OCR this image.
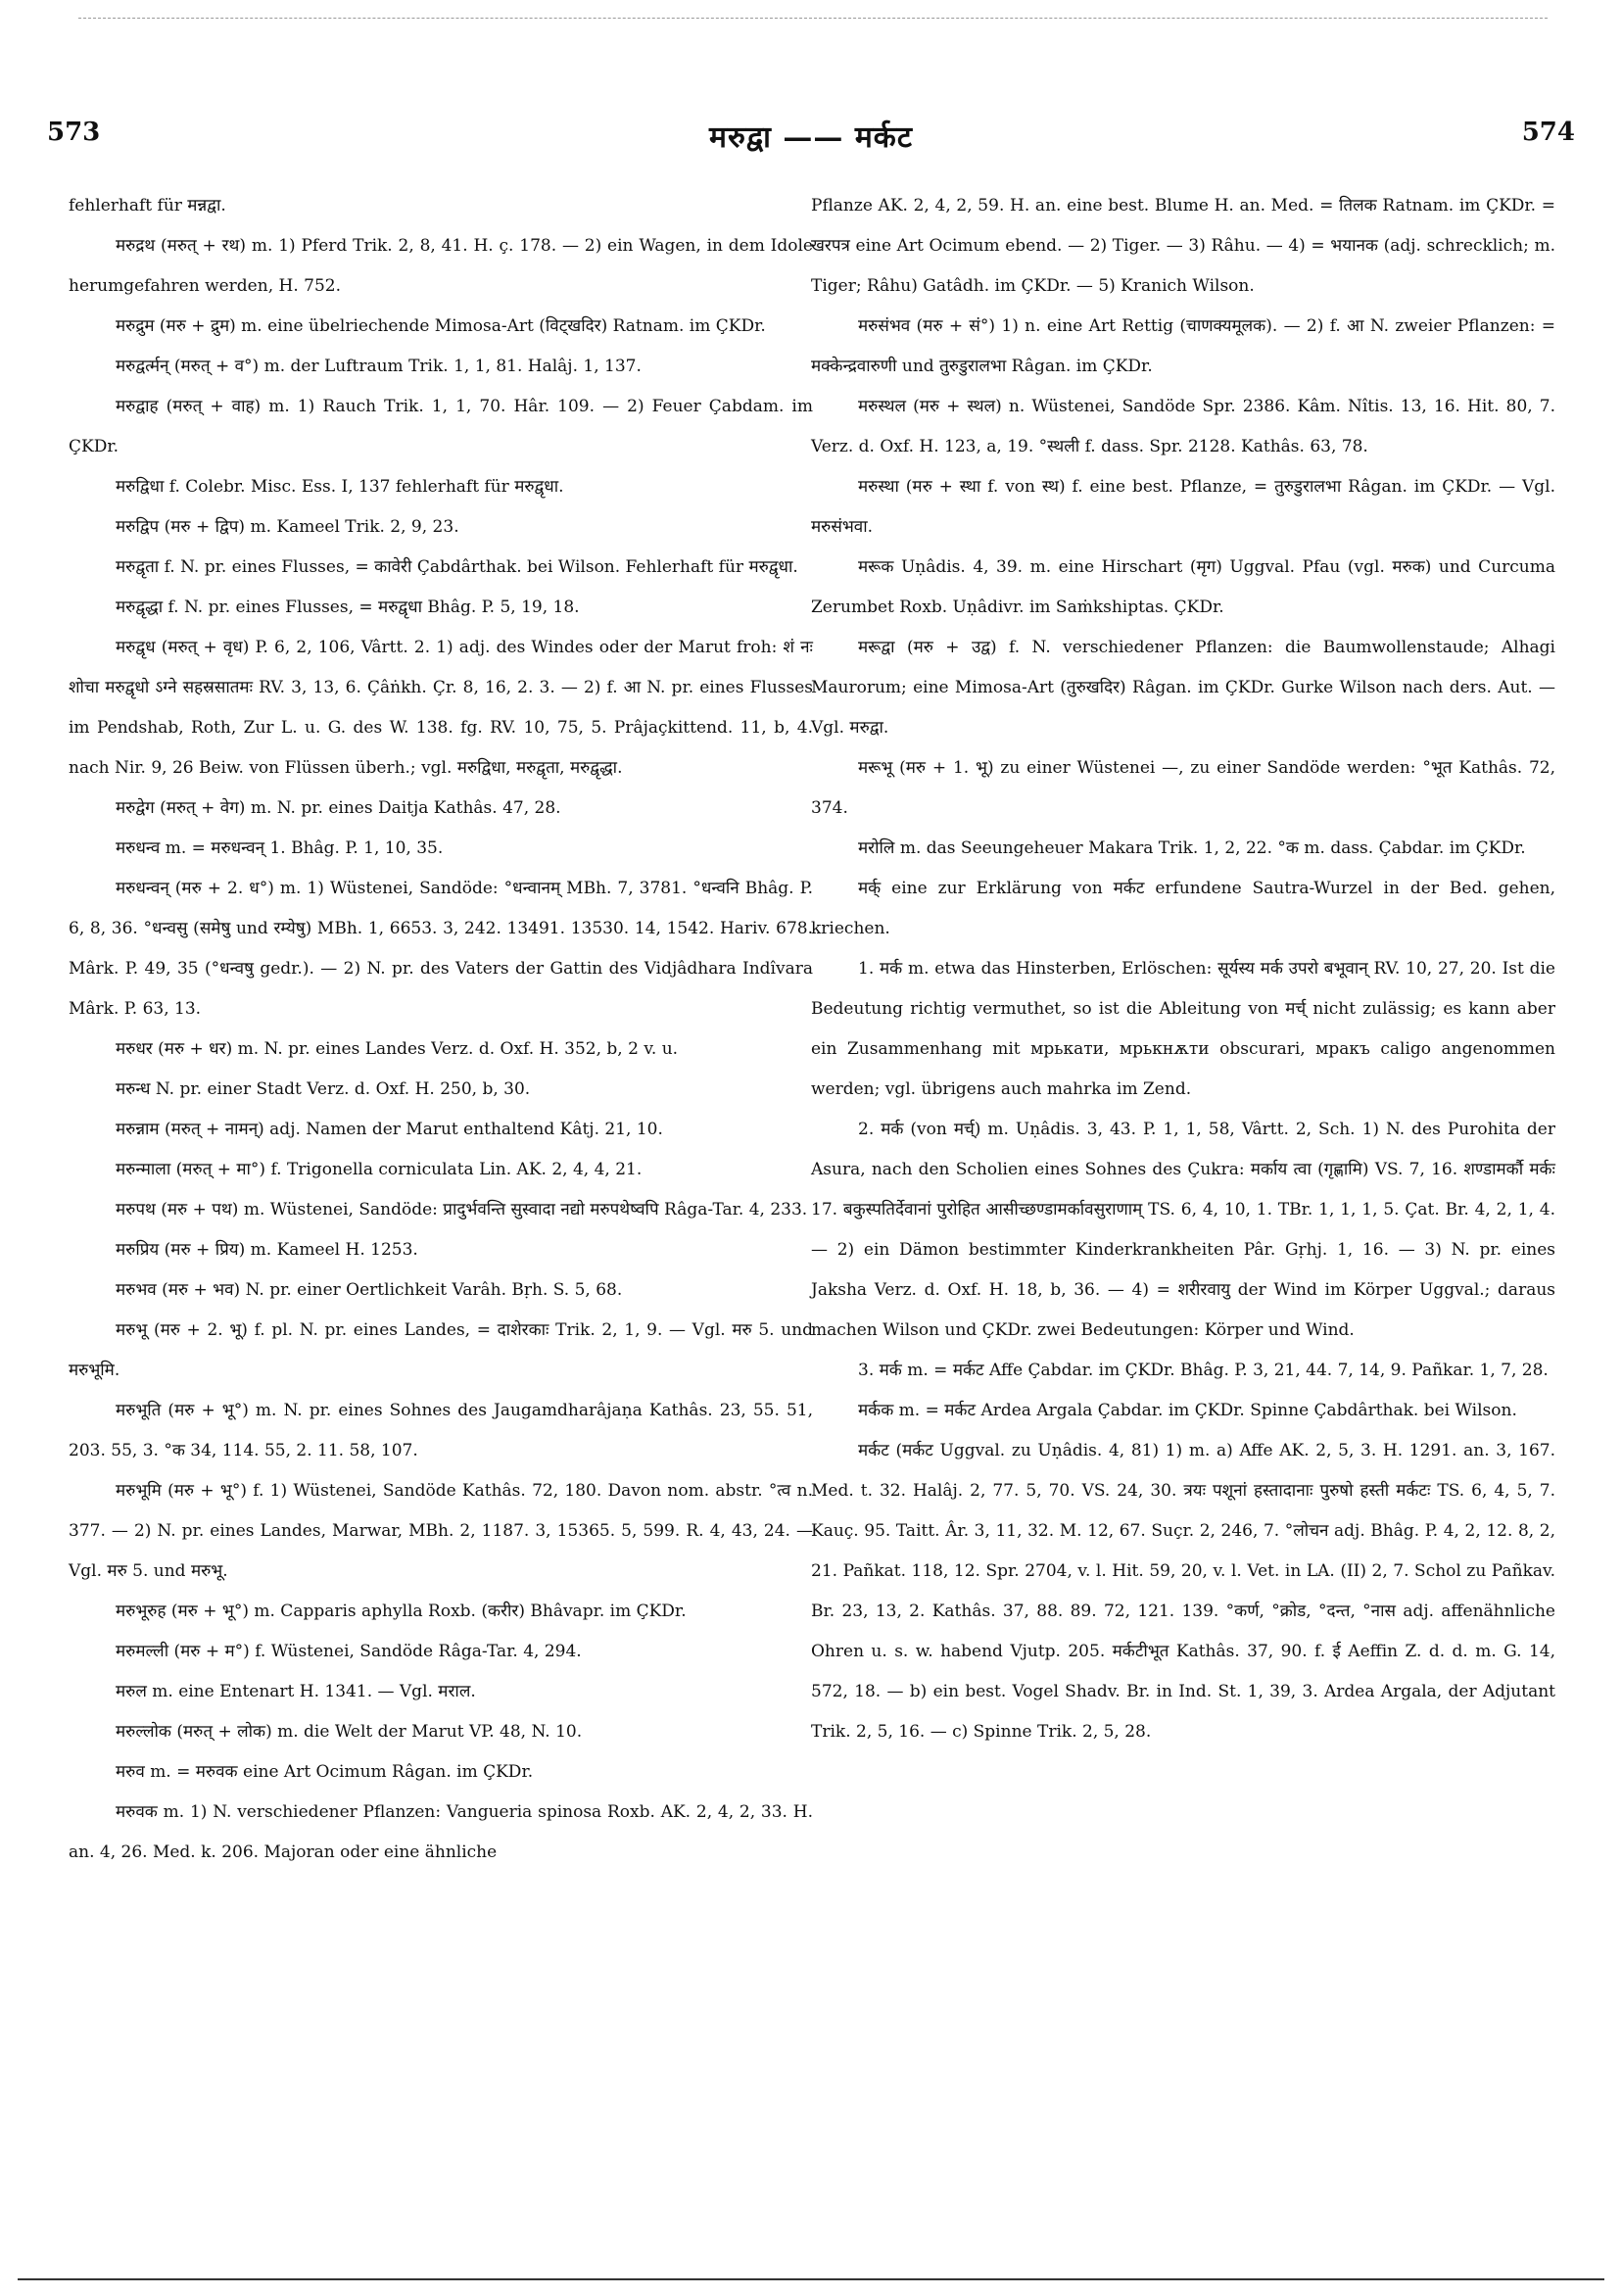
573	मरुद्वा —— मर्कट	574

fehlerhaft für मन्नद्वा.

मरुद्रथ (मरुत् + रथ) m. 1) Pferd Trik. 2, 8, 41. H. ç. 178. — 2) ein Wagen, in dem Idole herumgefahren werden, H. 752.

मरुद्रुम (मरु + द्रुम) m. eine übelriechende Mimosa-Art (विट्खदिर) Ratnam. im ÇKDr.

मरुद्वर्त्मन् (मरुत् + व°) m. der Luftraum Trik. 1, 1, 81. Halâj. 1, 137.

मरुद्वाह (मरुत् + वाह) m. 1) Rauch Trik. 1, 1, 70. Hâr. 109. — 2) Feuer Çabdam. im ÇKDr.

मरुद्विधा f. Colebr. Misc. Ess. I, 137 fehlerhaft für मरुद्वृधा.

मरुद्विप (मरु + द्विप) m. Kameel Trik. 2, 9, 23.

मरुद्वृता f. N. pr. eines Flusses, = कावेरी Çabdârthak. bei Wilson. Fehlerhaft für मरुद्वृधा.

मरुद्वृद्धा f. N. pr. eines Flusses, = मरुद्वृधा Bhâg. P. 5, 19, 18.

मरुद्वृध (मरुत् + वृध) P. 6, 2, 106, Vârtt. 2. 1) adj. des Windes oder der Marut froh: शं नः शोचा मरुद्वृधो ऽग्ने सहस्रसातमः RV. 3, 13, 6. Çâṅkh. Çr. 8, 16, 2. 3. — 2) f. आ N. pr. eines Flusses im Pendshab, Roth, Zur L. u. G. des W. 138. fg. RV. 10, 75, 5. Prâjaçkittend. 11, b, 4. nach Nir. 9, 26 Beiw. von Flüssen überh.; vgl. मरुद्विधा, मरुद्वृता, मरुद्वृद्धा.

मरुद्वेग (मरुत् + वेग) m. N. pr. eines Daitja Kathâs. 47, 28.

मरुधन्व m. = मरुधन्वन् 1. Bhâg. P. 1, 10, 35.

मरुधन्वन् (मरु + 2. ध°) m. 1) Wüstenei, Sandöde: °धन्वानम् MBh. 7, 3781. °धन्वनि Bhâg. P. 6, 8, 36. °धन्वसु (समेषु und रम्येषु) MBh. 1, 6653. 3, 242. 13491. 13530. 14, 1542. Hariv. 678. Mârk. P. 49, 35 (°धन्वषु gedr.). — 2) N. pr. des Vaters der Gattin des Vidjâdhara Indîvara Mârk. P. 63, 13.

मरुधर (मरु + धर) m. N. pr. eines Landes Verz. d. Oxf. H. 352, b, 2 v. u.

मरुन्ध N. pr. einer Stadt Verz. d. Oxf. H. 250, b, 30.

मरुन्नाम (मरुत् + नामन्) adj. Namen der Marut enthaltend Kâtj. 21, 10.

मरुन्माला (मरुत् + मा°) f. Trigonella corniculata Lin. AK. 2, 4, 4, 21.

मरुपथ (मरु + पथ) m. Wüstenei, Sandöde: प्रादुर्भवन्ति सुस्वादा नद्यो मरुपथेष्वपि Râga-Tar. 4, 233.

मरुप्रिय (मरु + प्रिय) m. Kameel H. 1253.

मरुभव (मरु + भव) N. pr. einer Oertlichkeit Varâh. Bṛh. S. 5, 68.

मरुभू (मरु + 2. भू) f. pl. N. pr. eines Landes, = दाशेरकाः Trik. 2, 1, 9. — Vgl. मरु 5. und मरुभूमि.

मरुभूति (मरु + भू°) m. N. pr. eines Sohnes des Jaugamdharâjaṇa Kathâs. 23, 55. 51, 203. 55, 3. °क 34, 114. 55, 2. 11. 58, 107.

मरुभूमि (मरु + भू°) f. 1) Wüstenei, Sandöde Kathâs. 72, 180. Davon nom. abstr. °त्व n. 377. — 2) N. pr. eines Landes, Marwar, MBh. 2, 1187. 3, 15365. 5, 599. R. 4, 43, 24. — Vgl. मरु 5. und मरुभू.

मरुभूरुह (मरु + भू°) m. Capparis aphylla Roxb. (करीर) Bhâvapr. im ÇKDr.

मरुमल्ली (मरु + म°) f. Wüstenei, Sandöde Râga-Tar. 4, 294.

मरुल m. eine Entenart H. 1341. — Vgl. मराल.

मरुल्लोक (मरुत् + लोक) m. die Welt der Marut VP. 48, N. 10.

मरुव m. = मरुवक eine Art Ocimum Râgan. im ÇKDr.

मरुवक m. 1) N. verschiedener Pflanzen: Vangueria spinosa Roxb. AK. 2, 4, 2, 33. H. an. 4, 26. Med. k. 206. Majoran oder eine ähnliche

Pflanze AK. 2, 4, 2, 59. H. an. eine best. Blume H. an. Med. = तिलक Ratnam. im ÇKDr. = खरपत्र eine Art Ocimum ebend. — 2) Tiger. — 3) Râhu. — 4) = भयानक (adj. schrecklich; m. Tiger; Râhu) Gatâdh. im ÇKDr. — 5) Kranich Wilson.

मरुसंभव (मरु + सं°) 1) n. eine Art Rettig (चाणक्यमूलक). — 2) f. आ N. zweier Pflanzen: = मक्केन्द्रवारुणी und तुरुडुरालभा Râgan. im ÇKDr.

मरुस्थल (मरु + स्थल) n. Wüstenei, Sandöde Spr. 2386. Kâm. Nîtis. 13, 16. Hit. 80, 7. Verz. d. Oxf. H. 123, a, 19. °स्थली f. dass. Spr. 2128. Kathâs. 63, 78.

मरुस्था (मरु + स्था f. von स्थ) f. eine best. Pflanze, = तुरुडुरालभा Râgan. im ÇKDr. — Vgl. मरुसंभवा.

मरूक Uṇâdis. 4, 39. m. eine Hirschart (मृग) Uggval. Pfau (vgl. मरुक) und Curcuma Zerumbet Roxb. Uṇâdivr. im Saṁkshiptas. ÇKDr.

मरूद्वा (मरु + उद्व) f. N. verschiedener Pflanzen: die Baumwollenstaude; Alhagi Maurorum; eine Mimosa-Art (तुरुखदिर) Râgan. im ÇKDr. Gurke Wilson nach ders. Aut. — Vgl. मरुद्वा.

मरूभू (मरु + 1. भू) zu einer Wüstenei —, zu einer Sandöde werden: °भूत Kathâs. 72, 374.

मरोलि m. das Seeungeheuer Makara Trik. 1, 2, 22. °क m. dass. Çabdar. im ÇKDr.

मर्क् eine zur Erklärung von मर्कट erfundene Sautra-Wurzel in der Bed. gehen, kriechen.

1. मर्क m. etwa das Hinsterben, Erlöschen: सूर्यस्य मर्क उपरो बभूवान् RV. 10, 27, 20. Ist die Bedeutung richtig vermuthet, so ist die Ableitung von मर्च् nicht zulässig; es kann aber ein Zusammenhang mit мрькати, мрькнѫти obscurari, мракъ caligo angenommen werden; vgl. übrigens auch mahrka im Zend.

2. मर्क (von मर्च्) m. Uṇâdis. 3, 43. P. 1, 1, 58, Vârtt. 2, Sch. 1) N. des Purohita der Asura, nach den Scholien eines Sohnes des Çukra: मर्काय त्वा (गृह्णामि) VS. 7, 16. शण्डामर्कौ मर्कः 17. बकुस्पतिर्देवानां पुरोहित आसीच्छण्डामर्कावसुराणाम् TS. 6, 4, 10, 1. TBr. 1, 1, 1, 5. Çat. Br. 4, 2, 1, 4. — 2) ein Dämon bestimmter Kinderkrankheiten Pâr. Gṛhj. 1, 16. — 3) N. pr. eines Jaksha Verz. d. Oxf. H. 18, b, 36. — 4) = शरीरवायु der Wind im Körper Uggval.; daraus machen Wilson und ÇKDr. zwei Bedeutungen: Körper und Wind.

3. मर्क m. = मर्कट Affe Çabdar. im ÇKDr. Bhâg. P. 3, 21, 44. 7, 14, 9. Pañkar. 1, 7, 28.

मर्कक m. = मर्कट Ardea Argala Çabdar. im ÇKDr. Spinne Çabdârthak. bei Wilson.

मर्कट (मर्कट Uggval. zu Uṇâdis. 4, 81) 1) m. a) Affe AK. 2, 5, 3. H. 1291. an. 3, 167. Med. t. 32. Halâj. 2, 77. 5, 70. VS. 24, 30. त्रयः पशूनां हस्तादानाः पुरुषो हस्ती मर्कटः TS. 6, 4, 5, 7. Kauç. 95. Taitt. Âr. 3, 11, 32. M. 12, 67. Suçr. 2, 246, 7. °लोचन adj. Bhâg. P. 4, 2, 12. 8, 2, 21. Pañkat. 118, 12. Spr. 2704, v. l. Hit. 59, 20, v. l. Vet. in LA. (II) 2, 7. Schol zu Pañkav. Br. 23, 13, 2. Kathâs. 37, 88. 89. 72, 121. 139. °कर्ण, °क्रोड, °दन्त, °नास adj. affenähnliche Ohren u. s. w. habend Vjutp. 205. मर्कटीभूत Kathâs. 37, 90. f. ई Aeffin Z. d. d. m. G. 14, 572, 18. — b) ein best. Vogel Shadv. Br. in Ind. St. 1, 39, 3. Ardea Argala, der Adjutant Trik. 2, 5, 16. — c) Spinne Trik. 2, 5, 28.
